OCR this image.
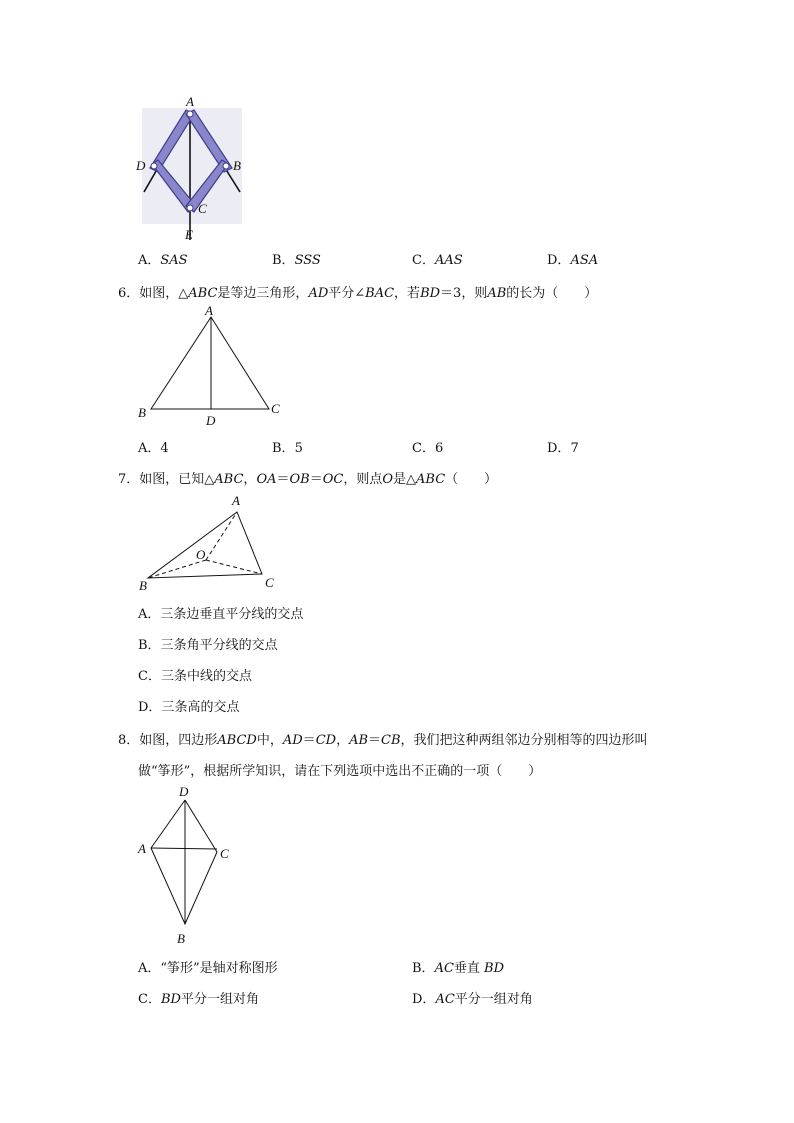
A
D	B
C
E
A．SAS	B．SSS	C．AAS	D．ASA
6．如图，△ABC是等边三角形，AD平分∠BAC，若BD＝3，则AB的长为（　　）
A
B	C
D
A．4	B．5	C．6	D．7
7．如图，已知△ABC，OA＝OB＝OC，则点O是△ABC（　　）
A
B	C
O
A．三条边垂直平分线的交点
B．三条角平分线的交点
C．三条中线的交点
D．三条高的交点
8．如图，四边形ABCD中，AD＝CD，AB＝CB，我们把这种两组邻边分别相等的四边形叫
做“筝形”，根据所学知识，请在下列选项中选出不正确的一项（　　）
D
A	C
B
A．“筝形”是轴对称图形	B．AC垂直 BD
C．BD平分一组对角	D．AC平分一组对角
